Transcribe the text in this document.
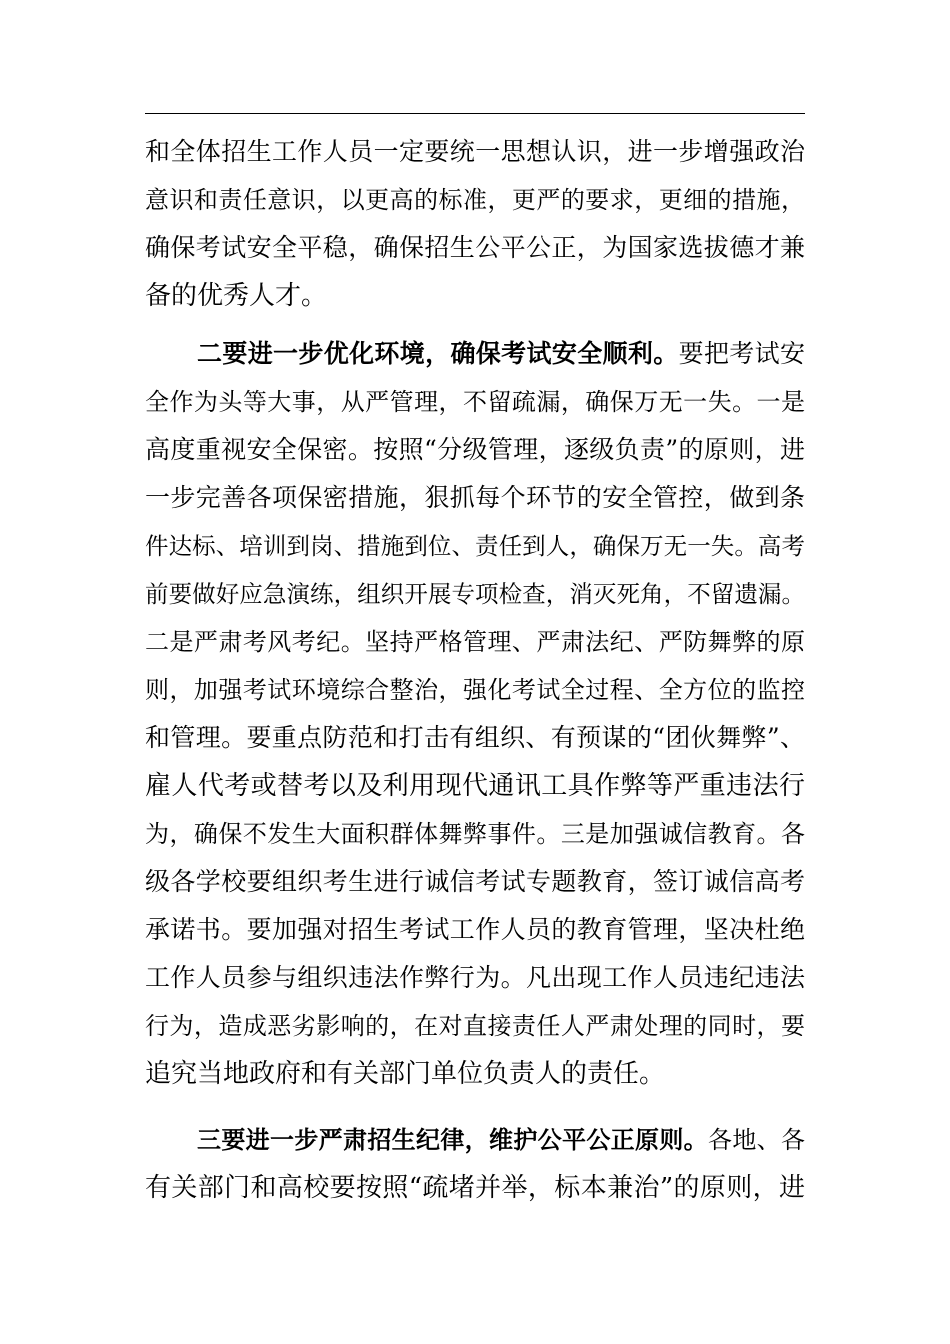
和全体招生工作人员一定要统一思想认识，进一步增强政治
意识和责任意识，以更高的标准，更严的要求，更细的措施，
确保考试安全平稳，确保招生公平公正，为国家选拔德才兼
备的优秀人才。
二要进一步优化环境，确保考试安全顺利。要把考试安
全作为头等大事，从严管理，不留疏漏，确保万无一失。一是
高度重视安全保密。按照“分级管理，逐级负责”的原则，进
一步完善各项保密措施，狠抓每个环节的安全管控，做到条
件达标、培训到岗、措施到位、责任到人，确保万无一失。高考
前要做好应急演练，组织开展专项检查，消灭死角，不留遗漏。
二是严肃考风考纪。坚持严格管理、严肃法纪、严防舞弊的原
则，加强考试环境综合整治，强化考试全过程、全方位的监控
和管理。要重点防范和打击有组织、有预谋的“团伙舞弊”、
雇人代考或替考以及利用现代通讯工具作弊等严重违法行
为，确保不发生大面积群体舞弊事件。三是加强诚信教育。各
级各学校要组织考生进行诚信考试专题教育，签订诚信高考
承诺书。要加强对招生考试工作人员的教育管理，坚决杜绝
工作人员参与组织违法作弊行为。凡出现工作人员违纪违法
行为，造成恶劣影响的，在对直接责任人严肃处理的同时，要
追究当地政府和有关部门单位负责人的责任。
三要进一步严肃招生纪律，维护公平公正原则。各地、各
有关部门和高校要按照“疏堵并举，标本兼治”的原则，进
